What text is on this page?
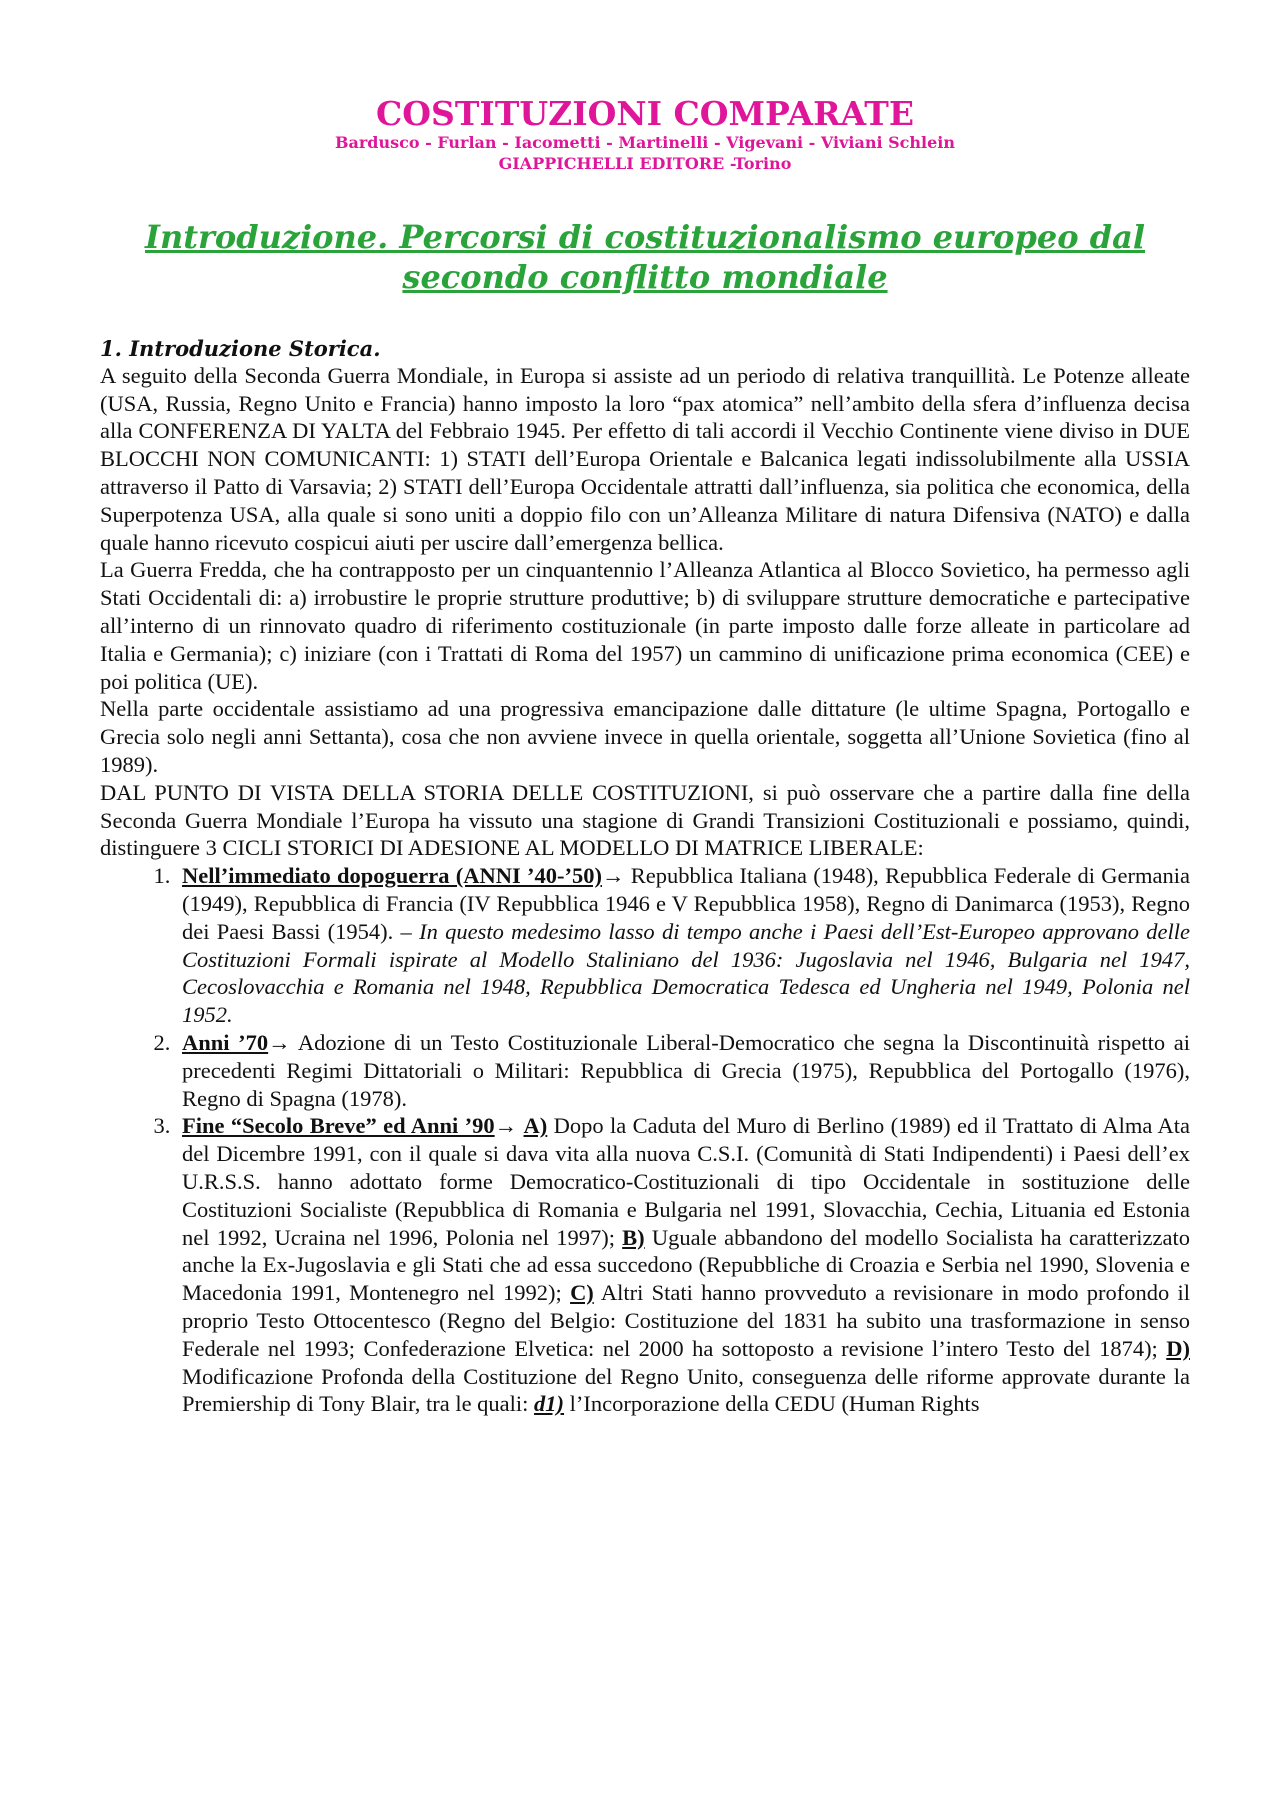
COSTITUZIONI COMPARATE
Bardusco - Furlan - Iacometti - Martinelli - Vigevani - Viviani Schlein
GIAPPICHELLI EDITORE -Torino
Introduzione. Percorsi di costituzionalismo europeo dal secondo conflitto mondiale
1. Introduzione Storica.

A seguito della Seconda Guerra Mondiale, in Europa si assiste ad un periodo di relativa tranquillità. Le Potenze alleate (USA, Russia, Regno Unito e Francia) hanno imposto la loro “pax atomica” nell’ambito della sfera d’influenza decisa alla CONFERENZA DI YALTA del Febbraio 1945. Per effetto di tali accordi il Vecchio Continente viene diviso in DUE BLOCCHI NON COMUNICANTI: 1) STATI dell’Europa Orientale e Balcanica legati indissolubilmente alla USSIA attraverso il Patto di Varsavia; 2) STATI dell’Europa Occidentale attratti dall’influenza, sia politica che economica, della Superpotenza USA, alla quale si sono uniti a doppio filo con un’Alleanza Militare di natura Difensiva (NATO) e dalla quale hanno ricevuto cospicui aiuti per uscire dall’emergenza bellica.

La Guerra Fredda, che ha contrapposto per un cinquantennio l’Alleanza Atlantica al Blocco Sovietico, ha permesso agli Stati Occidentali di: a) irrobustire le proprie strutture produttive; b) di sviluppare strutture democratiche e partecipative all’interno di un rinnovato quadro di riferimento costituzionale (in parte imposto dalle forze alleate in particolare ad Italia e Germania); c) iniziare (con i Trattati di Roma del 1957) un cammino di unificazione prima economica (CEE) e poi politica (UE).

Nella parte occidentale assistiamo ad una progressiva emancipazione dalle dittature (le ultime Spagna, Portogallo e Grecia solo negli anni Settanta), cosa che non avviene invece in quella orientale, soggetta all’Unione Sovietica (fino al 1989).

DAL PUNTO DI VISTA DELLA STORIA DELLE COSTITUZIONI, si può osservare che a partire dalla fine della Seconda Guerra Mondiale l’Europa ha vissuto una stagione di Grandi Transizioni Costituzionali e possiamo, quindi, distinguere 3 CICLI STORICI DI ADESIONE AL MODELLO DI MATRICE LIBERALE:

1. Nell’immediato dopoguerra (ANNI ’40-’50)→ Repubblica Italiana (1948), Repubblica Federale di Germania (1949), Repubblica di Francia (IV Repubblica 1946 e V Repubblica 1958), Regno di Danimarca (1953), Regno dei Paesi Bassi (1954). – In questo medesimo lasso di tempo anche i Paesi dell’Est-Europeo approvano delle Costituzioni Formali ispirate al Modello Staliniano del 1936: Jugoslavia nel 1946, Bulgaria nel 1947, Cecoslovacchia e Romania nel 1948, Repubblica Democratica Tedesca ed Ungheria nel 1949, Polonia nel 1952.
2. Anni ’70→ Adozione di un Testo Costituzionale Liberal-Democratico che segna la Discontinuità rispetto ai precedenti Regimi Dittatoriali o Militari: Repubblica di Grecia (1975), Repubblica del Portogallo (1976), Regno di Spagna (1978).
3. Fine “Secolo Breve” ed Anni ’90→ A) Dopo la Caduta del Muro di Berlino (1989) ed il Trattato di Alma Ata del Dicembre 1991, con il quale si dava vita alla nuova C.S.I. (Comunità di Stati Indipendenti) i Paesi dell’ex U.R.S.S. hanno adottato forme Democratico-Costituzionali di tipo Occidentale in sostituzione delle Costituzioni Socialiste (Repubblica di Romania e Bulgaria nel 1991, Slovacchia, Cechia, Lituania ed Estonia nel 1992, Ucraina nel 1996, Polonia nel 1997); B) Uguale abbandono del modello Socialista ha caratterizzato anche la Ex-Jugoslavia e gli Stati che ad essa succedono (Repubbliche di Croazia e Serbia nel 1990, Slovenia e Macedonia 1991, Montenegro nel 1992); C) Altri Stati hanno provveduto a revisionare in modo profondo il proprio Testo Ottocentesco (Regno del Belgio: Costituzione del 1831 ha subito una trasformazione in senso Federale nel 1993; Confederazione Elvetica: nel 2000 ha sottoposto a revisione l’intero Testo del 1874); D) Modificazione Profonda della Costituzione del Regno Unito, conseguenza delle riforme approvate durante la Premiership di Tony Blair, tra le quali: d1) l’Incorporazione della CEDU (Human Rights
